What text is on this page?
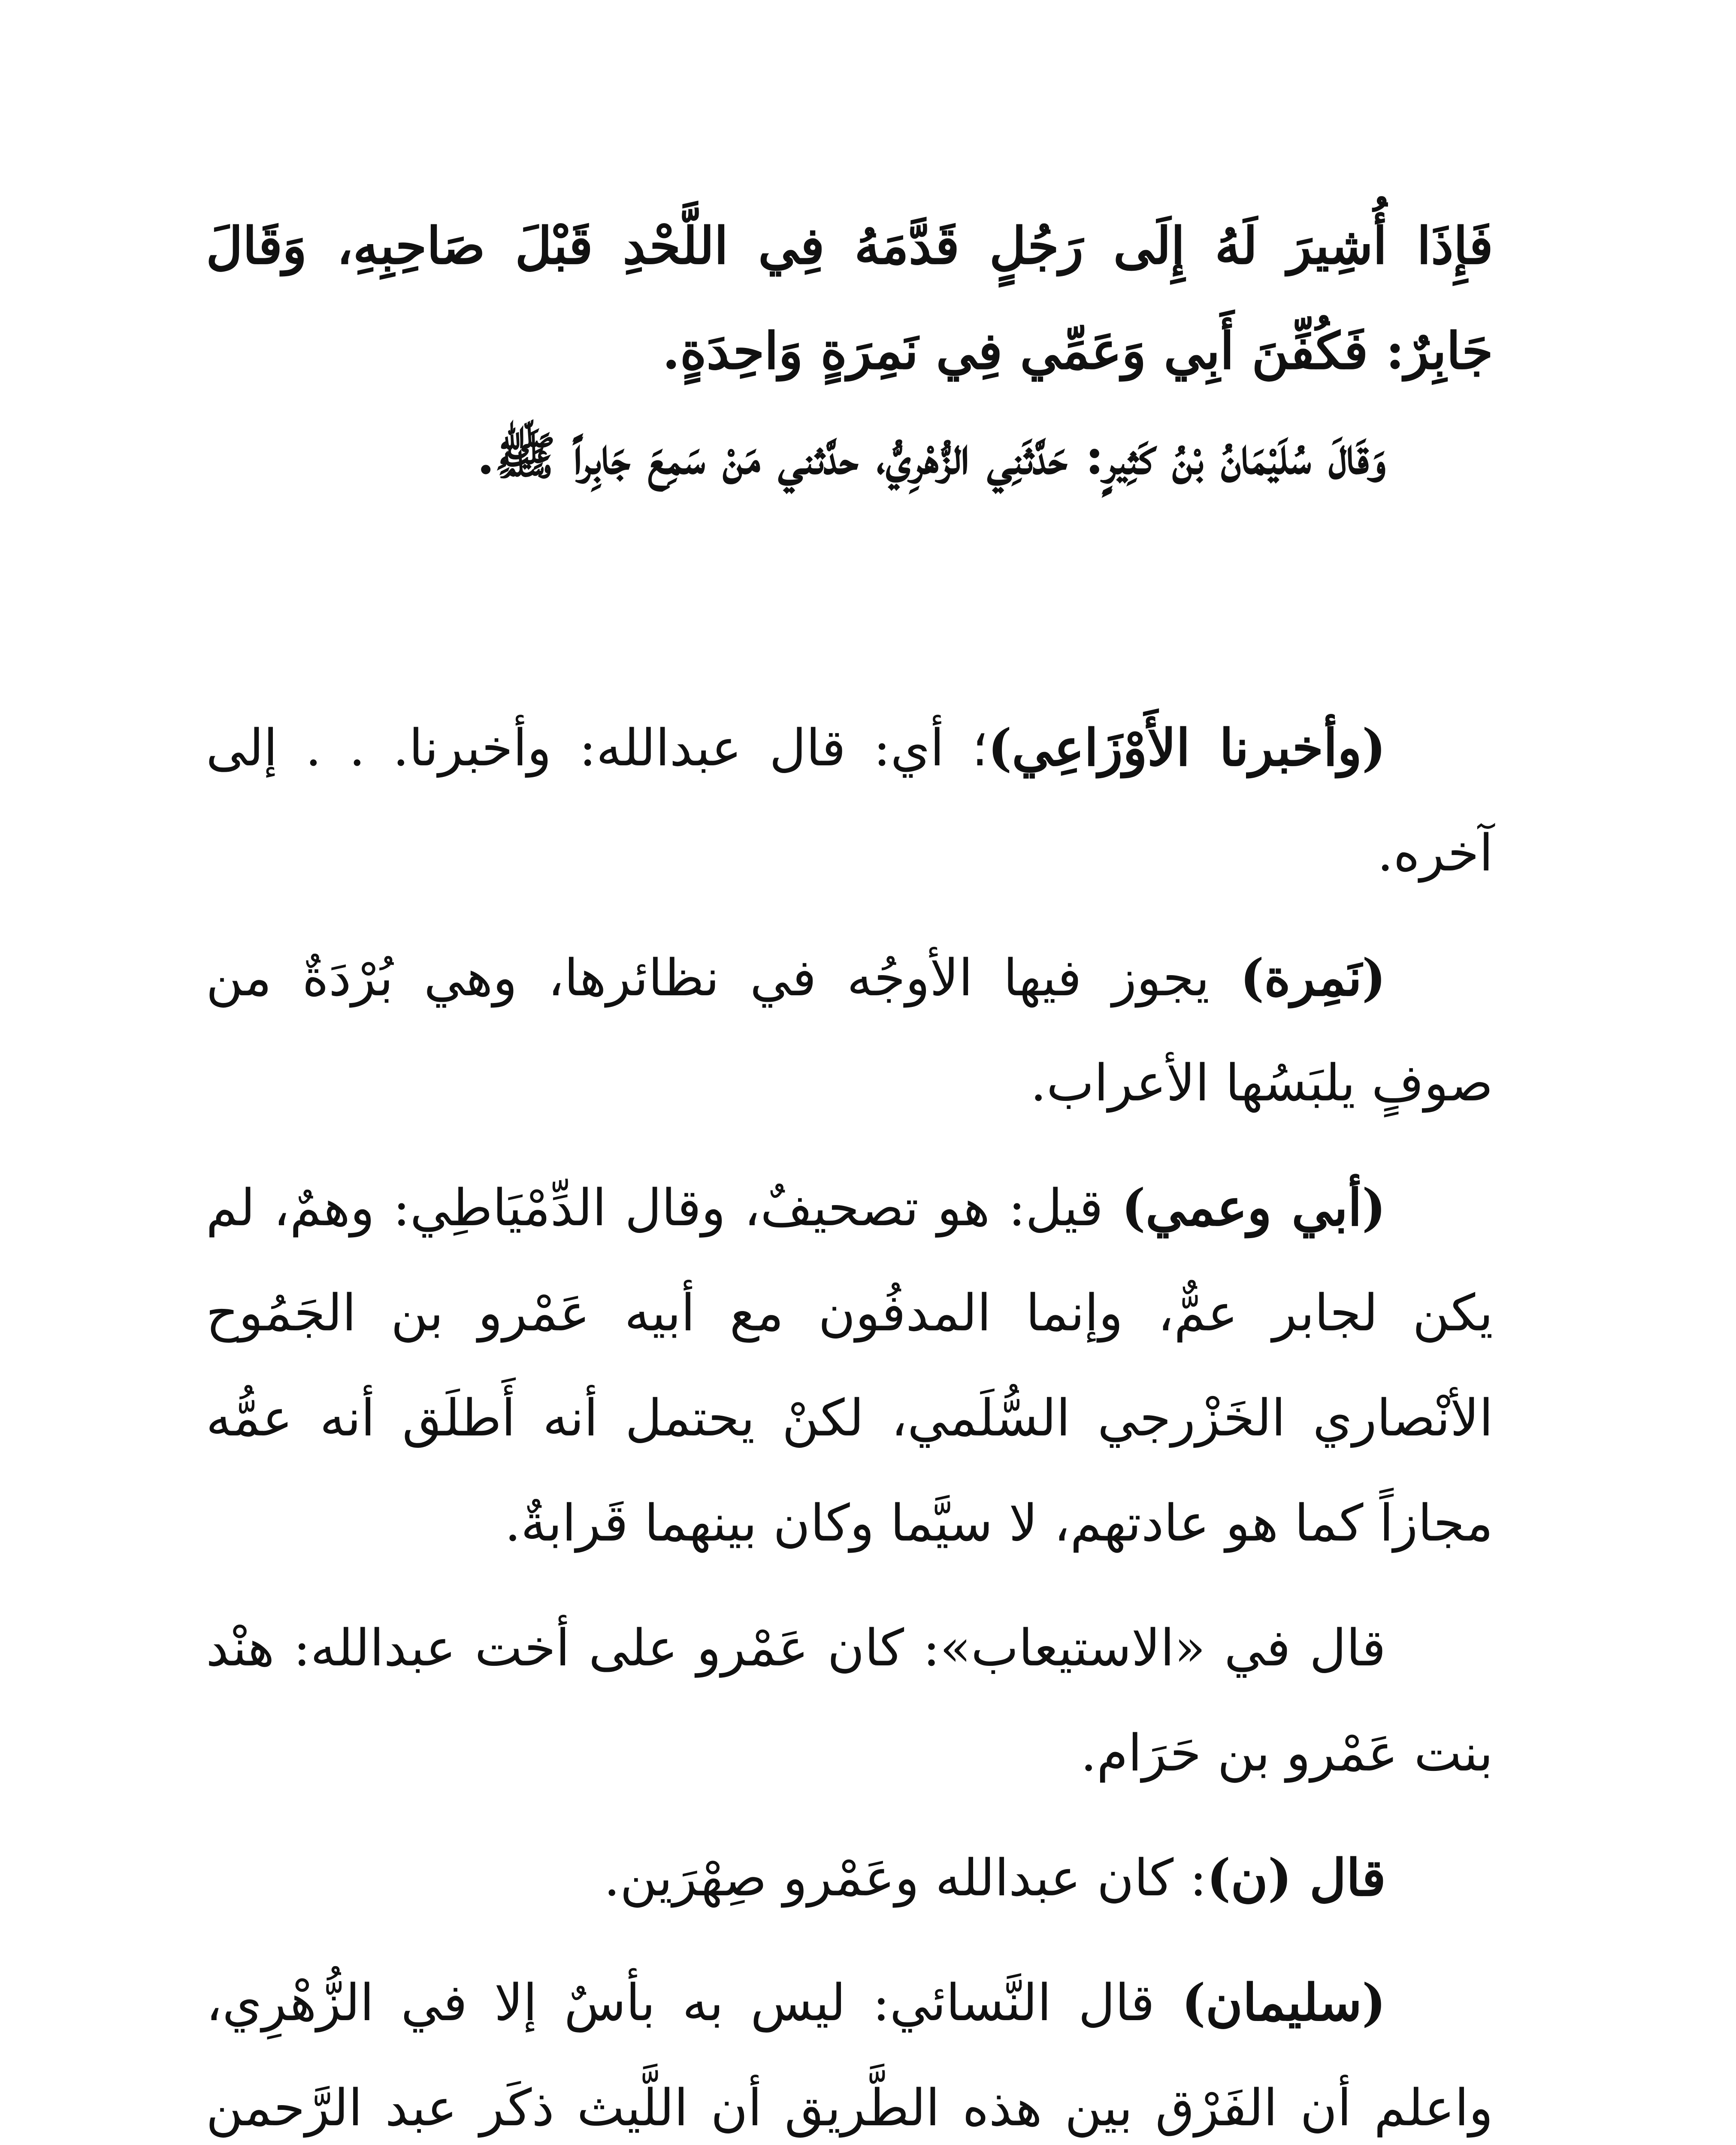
فَإِذَا أُشِيرَ لَهُ إِلَى رَجُلٍ قَدَّمَهُ فِي اللَّحْدِ قَبْلَ صَاحِبِهِ، وَقَالَ جَابِرٌ: فَكُفِّنَ أَبِي وَعَمِّي فِي نَمِرَةٍ وَاحِدَةٍ.

وَقَالَ سُلَيْمَانُ بْنُ كَثِيرٍ: حَدَّثَنِي الزُّهْرِيُّ، حدَّثني مَنْ سَمِعَ جَابِراً ﷺ.

(وأخبرنا الأَوْزَاعِي)؛ أي: قال عبدالله: وأخبرنا. . . إلى آخره.

(نَمِرة) يجوز فيها الأوجُه في نظائرها، وهي بُرْدَةٌ من صوفٍ يلبَسُها الأعراب.

(أبي وعمي) قيل: هو تصحيفٌ، وقال الدِّمْيَاطِي: وهمٌ، لم يكن لجابر عمٌّ، وإنما المدفُون مع أبيه عَمْرو بن الجَمُوح الأنْصاري الخَزْرجي السُّلَمي، لكنْ يحتمل أنه أَطلَق أنه عمُّه مجازاً كما هو عادتهم، لا سيَّما وكان بينهما قَرابةٌ.

قال في «الاستيعاب»: كان عَمْرو على أخت عبدالله: هنْد بنت عَمْرو بن حَرَام.

قال (ن): كان عبدالله وعَمْرو صِهْرَين.

(سليمان) قال النَّسائي: ليس به بأسٌ إلا في الزُّهْرِي، واعلم أن الفَرْق بين هذه الطَّريق أن اللَّيث ذكَر عبد الرَّحمن
